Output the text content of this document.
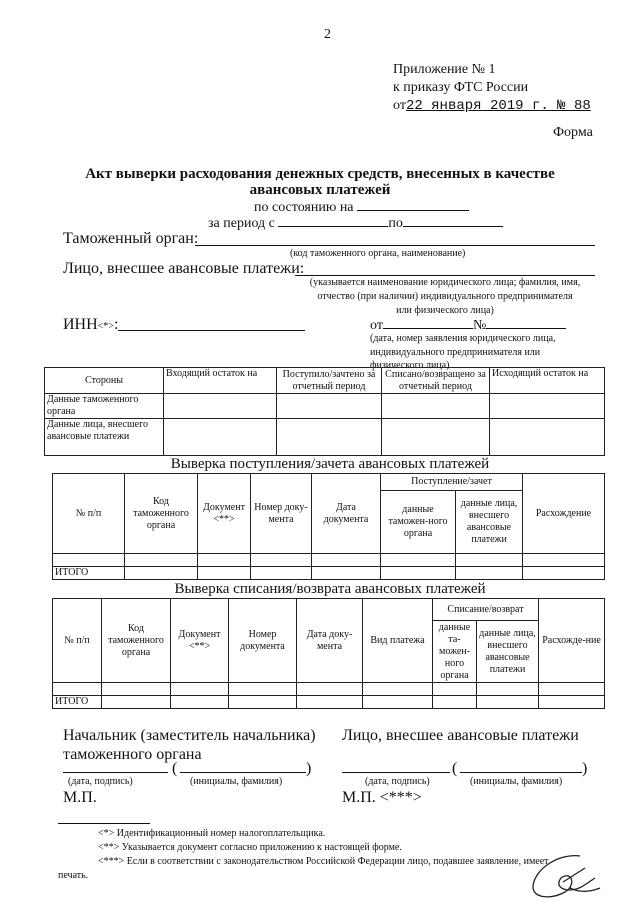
2
Приложение № 1
к приказу ФТС России
от22 января 2019 г. № 88
Форма
Акт выверки расходования денежных средств, внесенных в качестве
авансовых платежей
по состоянию на
за период с	по
Таможенный орган:
(код таможенного органа, наименование)
Лицо, внесшее авансовые платежи:
(указывается наименование юридического лица; фамилия, имя,
отчество (при наличии) индивидуального предпринимателя
или физического лица)
ИНН<*>:	от	№
(дата, номер заявления юридического лица,
индивидуального предпринимателя или
физического лица)
Стороны	Входящий остаток на	Поступило/зачтено за отчетный период	Списано/возвращено за отчетный период	Исходящий остаток на
Данные таможенного органа				
Данные лица, внесшего авансовые платежи				
Выверка поступления/зачета авансовых платежей
№ п/п	Код таможенного органа	Документ <**>	Номер доку-мента	Дата документа	Поступление/зачет		Расхождение
					данные таможен-ного органа	данные лица, внесшего авансовые платежи	

ИТОГО							
Выверка списания/возврата авансовых платежей
№ п/п	Код таможенного органа	Документ <**>	Номер документа	Дата доку-мента	Вид платежа	Списание/возврат		Расхожде-ние
						данные та-можен-ного органа	данные лица, внесшего авансовые платежи	

ИТОГО								
Начальник (заместитель начальника)
таможенного органа
(	)
(дата, подпись)	(инициалы, фамилия)
М.П.
Лицо, внесшее авансовые платежи
(	)
(дата, подпись)	(инициалы, фамилия)
М.П. <***>
<*> Идентификационный номер налогоплательщика.
<**> Указывается документ согласно приложению к настоящей форме.
<***> Если в соответствии с законодательством Российской Федерации лицо, подавшее заявление, имеет
печать.
